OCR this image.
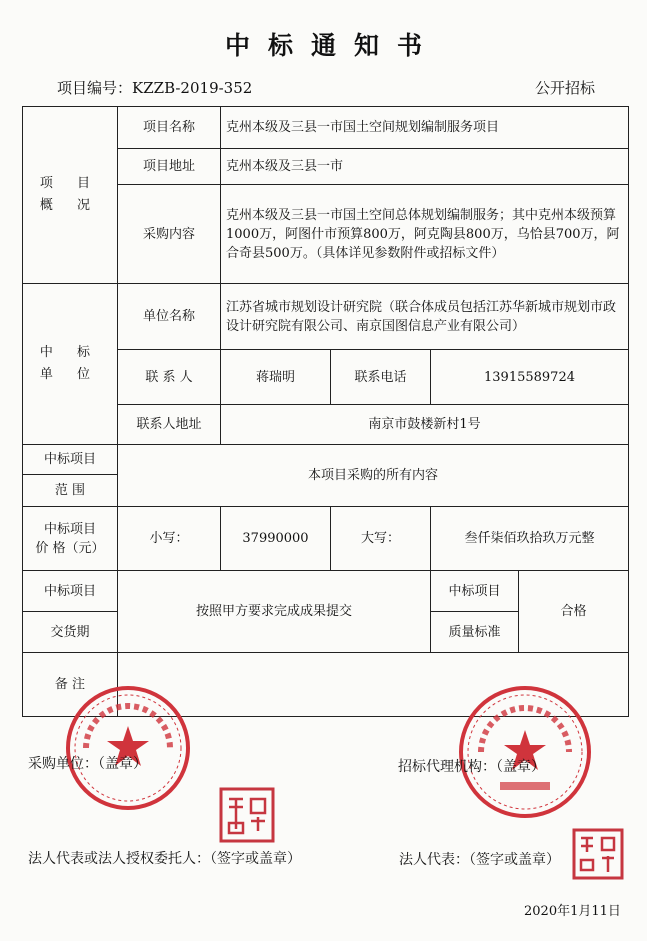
中标通知书
项目编号：KZZB-2019-352	公开招标
项 目
概 况	项目名称	克州本级及三县一市国土空间规划编制服务项目			
	项目地址	克州本级及三县一市			
	采购内容	克州本级及三县一市国土空间总体规划编制服务；其中克州本级预算1000万，阿图什市预算800万，阿克陶县800万，乌恰县700万，阿合奇县500万。（具体详见参数附件或招标文件）			

中 标
单 位	单位名称	江苏省城市规划设计研究院（联合体成员包括江苏华新城市规划市政设计研究院有限公司、南京国图信息产业有限公司）			
	联 系 人	蒋瑞明	联系电话	13915589724	
	联系人地址	南京市鼓楼新村1号			
中标项目	本项目采购的所有内容				
范 围					

中标项目
价 格（元）	小写：	37990000	大写：	叁仟柒佰玖拾玖万元整	
中标项目	按照甲方要求完成成果提交			中标项目	合格
交货期				质量标准	
备 注					
采购单位：（盖章）	招标代理机构：（盖章）
法人代表或法人授权委托人：（签字或盖章）	法人代表：（签字或盖章）
2020年1月11日
